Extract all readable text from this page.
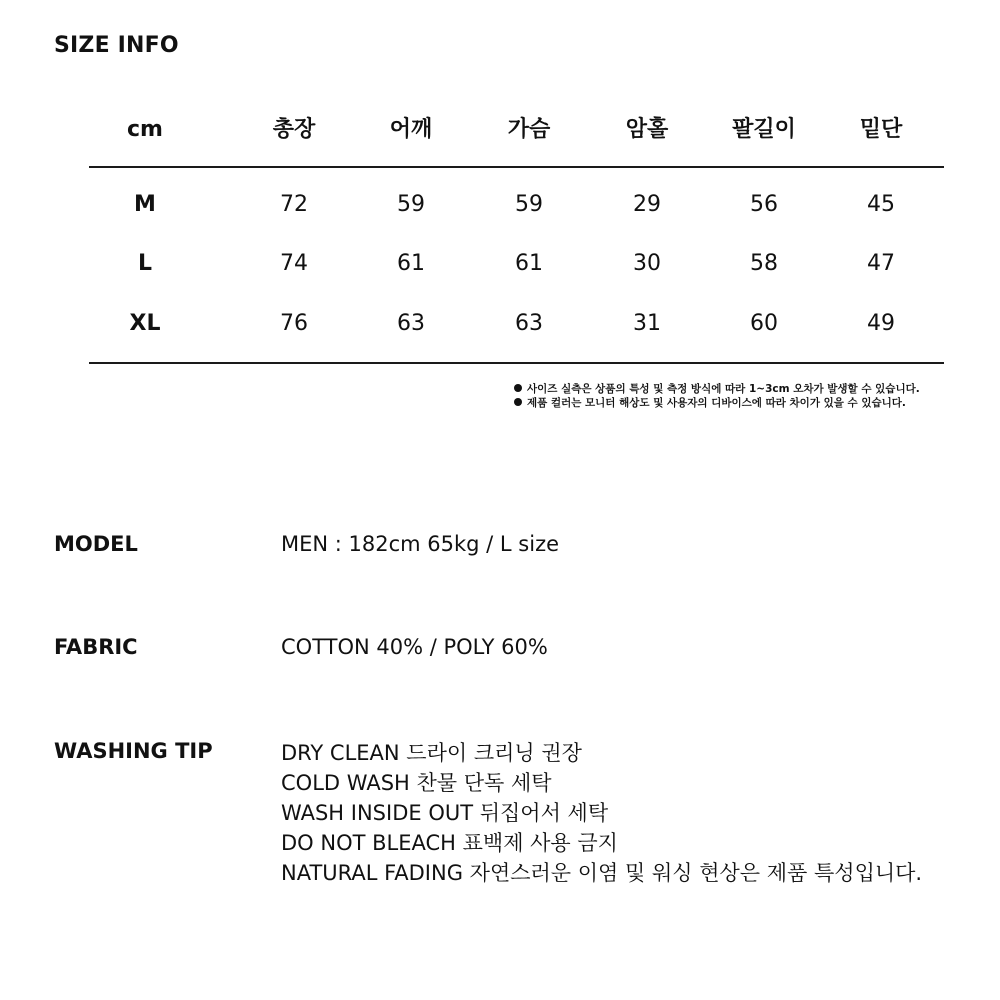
SIZE INFO
cm	총장	어깨	가슴	암홀	팔길이	밑단
M	72	59	59	29	56	45
L	74	61	61	30	58	47
XL	76	63	63	31	60	49
사이즈 실측은 상품의 특성 및 측정 방식에 따라 1~3cm 오차가 발생할 수 있습니다.
제품 컬러는 모니터 해상도 및 사용자의 디바이스에 따라 차이가 있을 수 있습니다.
MODEL	MEN : 182cm 65kg / L size
FABRIC	COTTON 40% / POLY 60%
WASHING TIP	DRY CLEAN 드라이 크리닝 권장
COLD WASH 찬물 단독 세탁
WASH INSIDE OUT 뒤집어서 세탁
DO NOT BLEACH 표백제 사용 금지
NATURAL FADING 자연스러운 이염 및 워싱 현상은 제품 특성입니다.
